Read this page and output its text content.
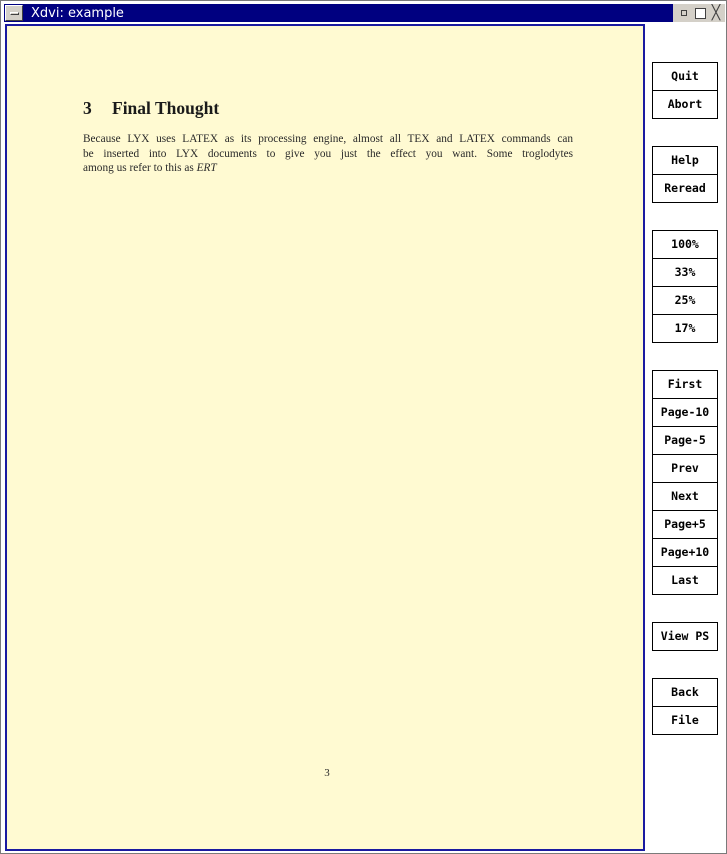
Xdvi: example	╳
3 Final Thought
Because LYX uses LATEX as its processing engine, almost all TEX and LATEX commands can
be inserted into LYX documents to give you just the effect you want. Some troglodytes
among us refer to this as ERT
3
Quit
Abort
Help
Reread
100%
33%
25%
17%
First
Page-10
Page-5
Prev
Next
Page+5
Page+10
Last
View PS
Back
File
